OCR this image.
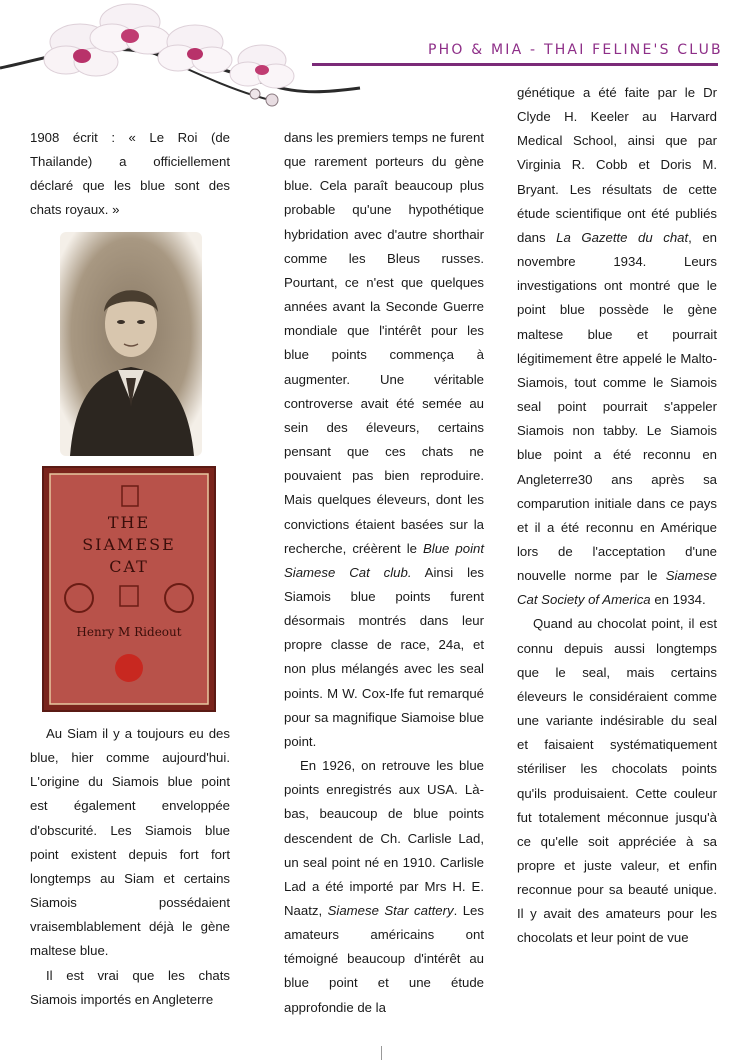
PHO & MIA - THAI FELINE'S CLUB

1908 écrit : « Le Roi (de Thailande) a officiellement déclaré que les blue sont des chats royaux. »

THE
SIAMESE
CAT
Henry M Rideout

Au Siam il y a toujours eu des blue, hier comme aujourd'hui. L'origine du Siamois blue point est également enveloppée d'obscurité. Les Siamois blue point existent depuis fort fort longtemps au Siam et certains Siamois possédaient vraisemblablement déjà le gène maltese blue.

Il est vrai que les chats Siamois importés en Angleterre

dans les premiers temps ne furent que rarement porteurs du gène blue. Cela paraît beaucoup plus probable qu'une hypothétique hybridation avec d'autre shorthair comme les Bleus russes. Pourtant, ce n'est que quelques années avant la Seconde Guerre mondiale que l'intérêt pour les blue points commença à augmenter. Une véritable controverse avait été semée au sein des éleveurs, certains pensant que ces chats ne pouvaient pas bien reproduire. Mais quelques éleveurs, dont les convictions étaient basées sur la recherche, créèrent le Blue point Siamese Cat club. Ainsi les Siamois blue points furent désormais montrés dans leur propre classe de race, 24a, et non plus mélangés avec les seal points. M W. Cox-Ife fut remarqué pour sa magnifique Siamoise blue point.

En 1926, on retrouve les blue points enregistrés aux USA. Là-bas, beaucoup de blue points descendent de Ch. Carlisle Lad, un seal point né en 1910. Carlisle Lad a été importé par Mrs H. E. Naatz, Siamese Star cattery. Les amateurs américains ont témoigné beaucoup d'intérêt au blue point et une étude approfondie de la

génétique a été faite par le Dr Clyde H. Keeler au Harvard Medical School, ainsi que par Virginia R. Cobb et Doris M. Bryant. Les résultats de cette étude scientifique ont été publiés dans La Gazette du chat, en novembre 1934. Leurs investigations ont montré que le point blue possède le gène maltese blue et pourrait légitimement être appelé le Malto-Siamois, tout comme le Siamois seal point pourrait s'appeler Siamois non tabby. Le Siamois blue point a été reconnu en Angleterre30 ans après sa comparution initiale dans ce pays et il a été reconnu en Amérique lors de l'acceptation d'une nouvelle norme par le Siamese Cat Society of America en 1934.

Quand au chocolat point, il est connu depuis aussi longtemps que le seal, mais certains éleveurs le considéraient comme une variante indésirable du seal et faisaient systématiquement stériliser les chocolats points qu'ils produisaient. Cette couleur fut totalement méconnue jusqu'à ce qu'elle soit appréciée à sa propre et juste valeur, et enfin reconnue pour sa beauté unique. Il y avait des amateurs pour les chocolats et leur point de vue
